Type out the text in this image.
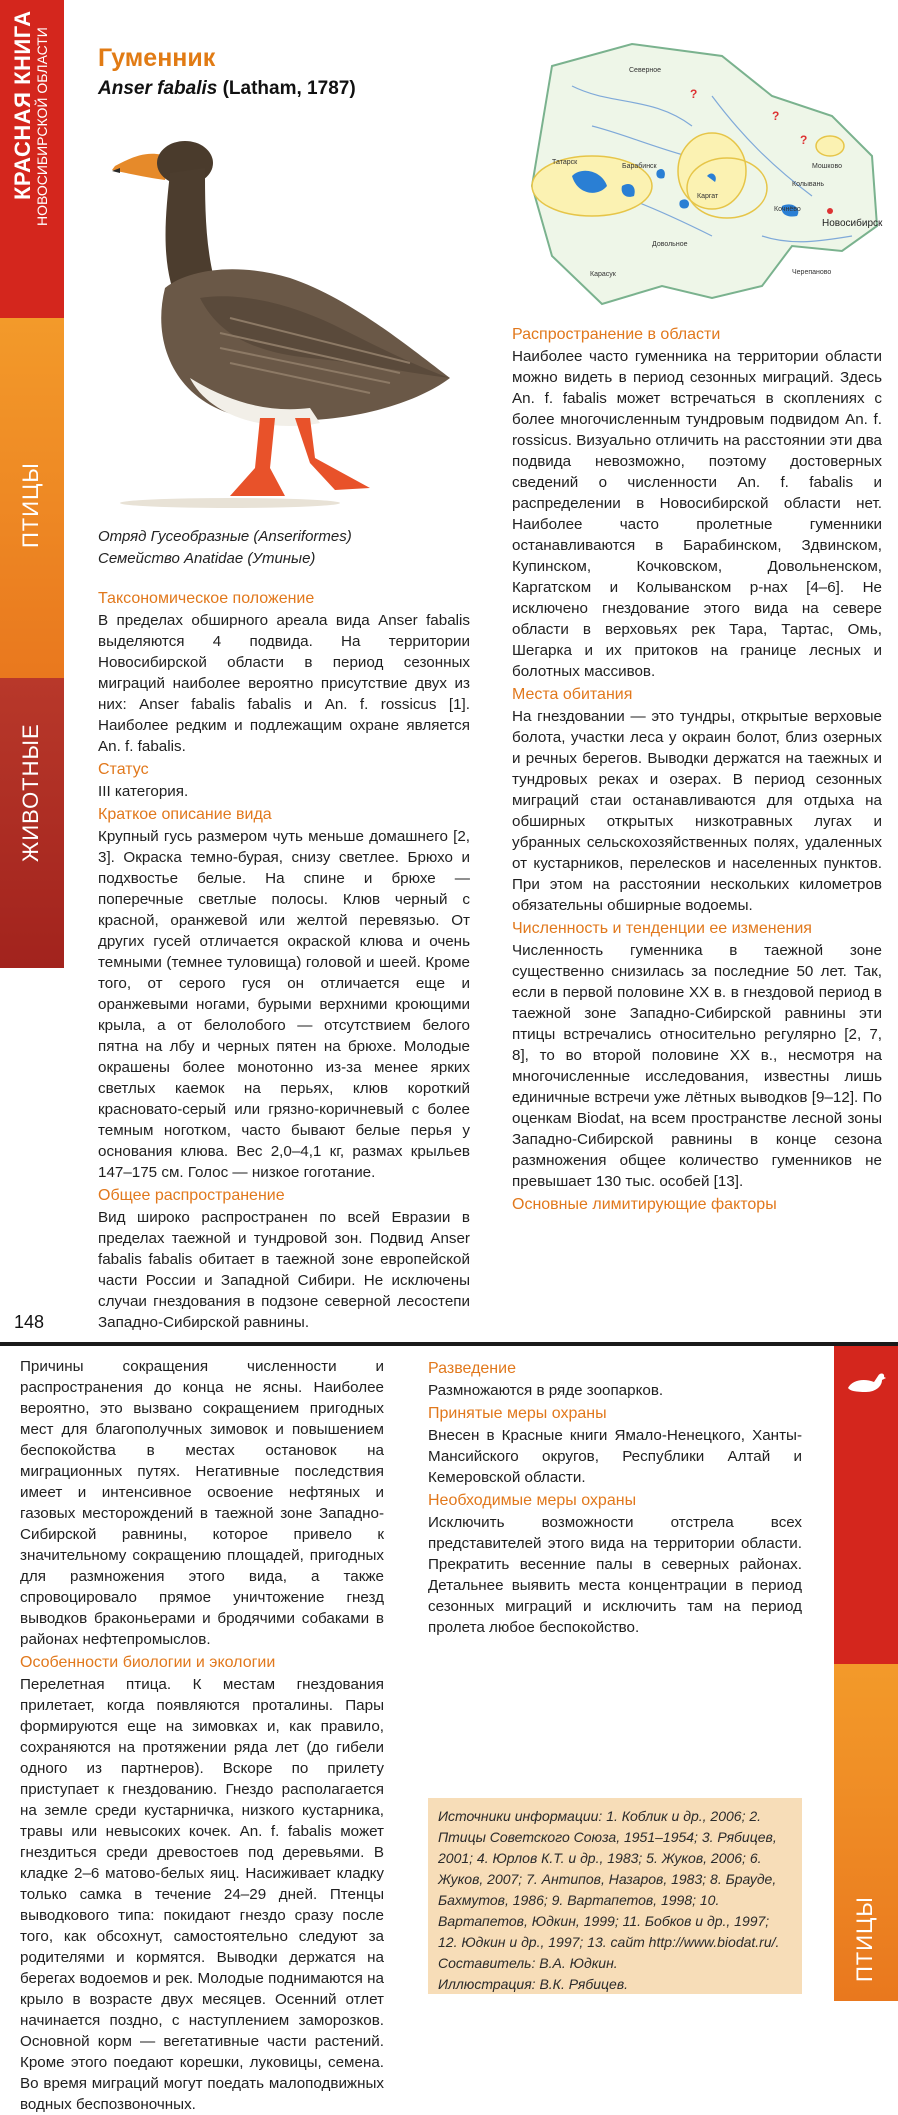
КРАСНАЯ КНИГА НОВОСИБИРСКОЙ ОБЛАСТИ
ПТИЦЫ
ЖИВОТНЫЕ
148
Гуменник
Anser fabalis (Latham, 1787)
Отряд Гусеобразные (Anseriformes)
Семейство Anatidae (Утиные)
Северное
Татарск
Барабинск
Каргат
Колывань
Мошково
Новосибирск
Кочнёво
Довольное
Карасук	Черепаново
?
?
?
Таксономическое положение

В пределах обширного ареала вида Anser fabalis выделяются 4 подвида. На территории Новосибирской области в период сезонных миграций наиболее вероятно присутствие двух из них: Anser fabalis fabalis и An. f. rossicus [1]. Наиболее редким и подлежащим охране является An. f. fabalis.

Статус

III категория.

Краткое описание вида

Крупный гусь размером чуть меньше домашнего [2, 3]. Окраска темно-бурая, снизу светлее. Брюхо и подхвостье белые. На спине и брюхе — поперечные светлые полосы. Клюв черный с красной, оранжевой или желтой перевязью. От других гусей отличается окраской клюва и очень темными (темнее туловища) головой и шеей. Кроме того, от серого гуся он отличается еще и оранжевыми ногами, бурыми верхними кроющими крыла, а от белолобого — отсутствием белого пятна на лбу и черных пятен на брюхе. Молодые окрашены более монотонно из-за менее ярких светлых каемок на перьях, клюв короткий красновато-серый или грязно-коричневый с более темным ноготком, часто бывают белые перья у основания клюва. Вес 2,0–4,1 кг, размах крыльев 147–175 см. Голос — низкое гоготание.

Общее распространение

Вид широко распространен по всей Евразии в пределах таежной и тундровой зон. Подвид Anser fabalis fabalis обитает в таежной зоне европейской части России и Западной Сибири. Не исключены случаи гнездования в подзоне северной лесостепи Западно-Сибирской равнины.

Распространение в области

Наиболее часто гуменника на территории области можно видеть в период сезонных миграций. Здесь An. f. fabalis может встречаться в скоплениях с более многочисленным тундровым подвидом An. f. rossicus. Визуально отличить на расстоянии эти два подвида невозможно, поэтому достоверных сведений о численности An. f. fabalis и распределении в Новосибирской области нет. Наиболее часто пролетные гуменники останавливаются в Барабинском, Здвинском, Купинском, Кочковском, Довольненском, Каргатском и Колыванском р-нах [4–6]. Не исключено гнездование этого вида на севере области в верховьях рек Тара, Тартас, Омь, Шегарка и их притоков на границе лесных и болотных массивов.

Места обитания

На гнездовании — это тундры, открытые верховые болота, участки леса у окраин болот, близ озерных и речных берегов. Выводки держатся на таежных и тундровых реках и озерах. В период сезонных миграций стаи останавливаются для отдыха на обширных открытых низкотравных лугах и убранных сельскохозяйственных полях, удаленных от кустарников, перелесков и населенных пунктов. При этом на расстоянии нескольких километров обязательны обширные водоемы.

Численность и тенденции ее изменения

Численность гуменника в таежной зоне существенно снизилась за последние 50 лет. Так, если в первой половине XX в. в гнездовой период в таежной зоне Западно-Сибирской равнины эти птицы встречались относительно регулярно [2, 7, 8], то во второй половине XX в., несмотря на многочисленные исследования, известны лишь единичные встречи уже лётных выводков [9–12]. По оценкам Biodat, на всем пространстве лесной зоны Западно-Сибирской равнины в конце сезона размножения общее количество гуменников не превышает 130 тыс. особей [13].

Основные лимитирующие факторы

Причины сокращения численности и распространения до конца не ясны. Наиболее вероятно, это вызвано сокращением пригодных мест для благополучных зимовок и повышением беспокойства в местах остановок на миграционных путях. Негативные последствия имеет и интенсивное освоение нефтяных и газовых месторождений в таежной зоне Западно-Сибирской равнины, которое привело к значительному сокращению площадей, пригодных для размножения этого вида, а также спровоцировало прямое уничтожение гнезд выводков браконьерами и бродячими собаками в районах нефтепромыслов.

Особенности биологии и экологии

Перелетная птица. К местам гнездования прилетает, когда появляются проталины. Пары формируются еще на зимовках и, как правило, сохраняются на протяжении ряда лет (до гибели одного из партнеров). Вскоре по прилету приступает к гнездованию. Гнездо располагается на земле среди кустарничка, низкого кустарника, травы или невысоких кочек. An. f. fabalis может гнездиться среди древостоев под деревьями. В кладке 2–6 матово-белых яиц. Насиживает кладку только самка в течение 24–29 дней. Птенцы выводкового типа: покидают гнездо сразу после того, как обсохнут, самостоятельно следуют за родителями и кормятся. Выводки держатся на берегах водоемов и рек. Молодые поднимаются на крыло в возрасте двух месяцев. Осенний отлет начинается поздно, с наступлением заморозков. Основной корм — вегетативные части растений. Кроме этого поедают корешки, луковицы, семена. Во время миграций могут поедать малоподвижных водных беспозвоночных.

Разведение

Размножаются в ряде зоопарков.

Принятые меры охраны

Внесен в Красные книги Ямало-Ненецкого, Ханты-Мансийского округов, Республики Алтай и Кемеровской области.

Необходимые меры охраны

Исключить возможности отстрела всех представителей этого вида на территории области. Прекратить весенние палы в северных районах. Детальнее выявить места концентрации в период сезонных миграций и исключить там на период пролета любое беспокойство.

Источники информации: 1. Коблик и др., 2006; 2. Птицы Советского Союза, 1951–1954; 3. Рябицев, 2001; 4. Юрлов К.Т. и др., 1983; 5. Жуков, 2006; 6. Жуков, 2007; 7. Антипов, Назаров, 1983; 8. Брауде, Бахмутов, 1986; 9. Вартапетов, 1998; 10. Вартапетов, Юдкин, 1999; 11. Бобков и др., 1997; 12. Юдкин и др., 1997; 13. сайт http://www.biodat.ru/.
Составитель: В.А. Юдкин.
Иллюстрация: В.К. Рябицев.
ПТИЦЫ
